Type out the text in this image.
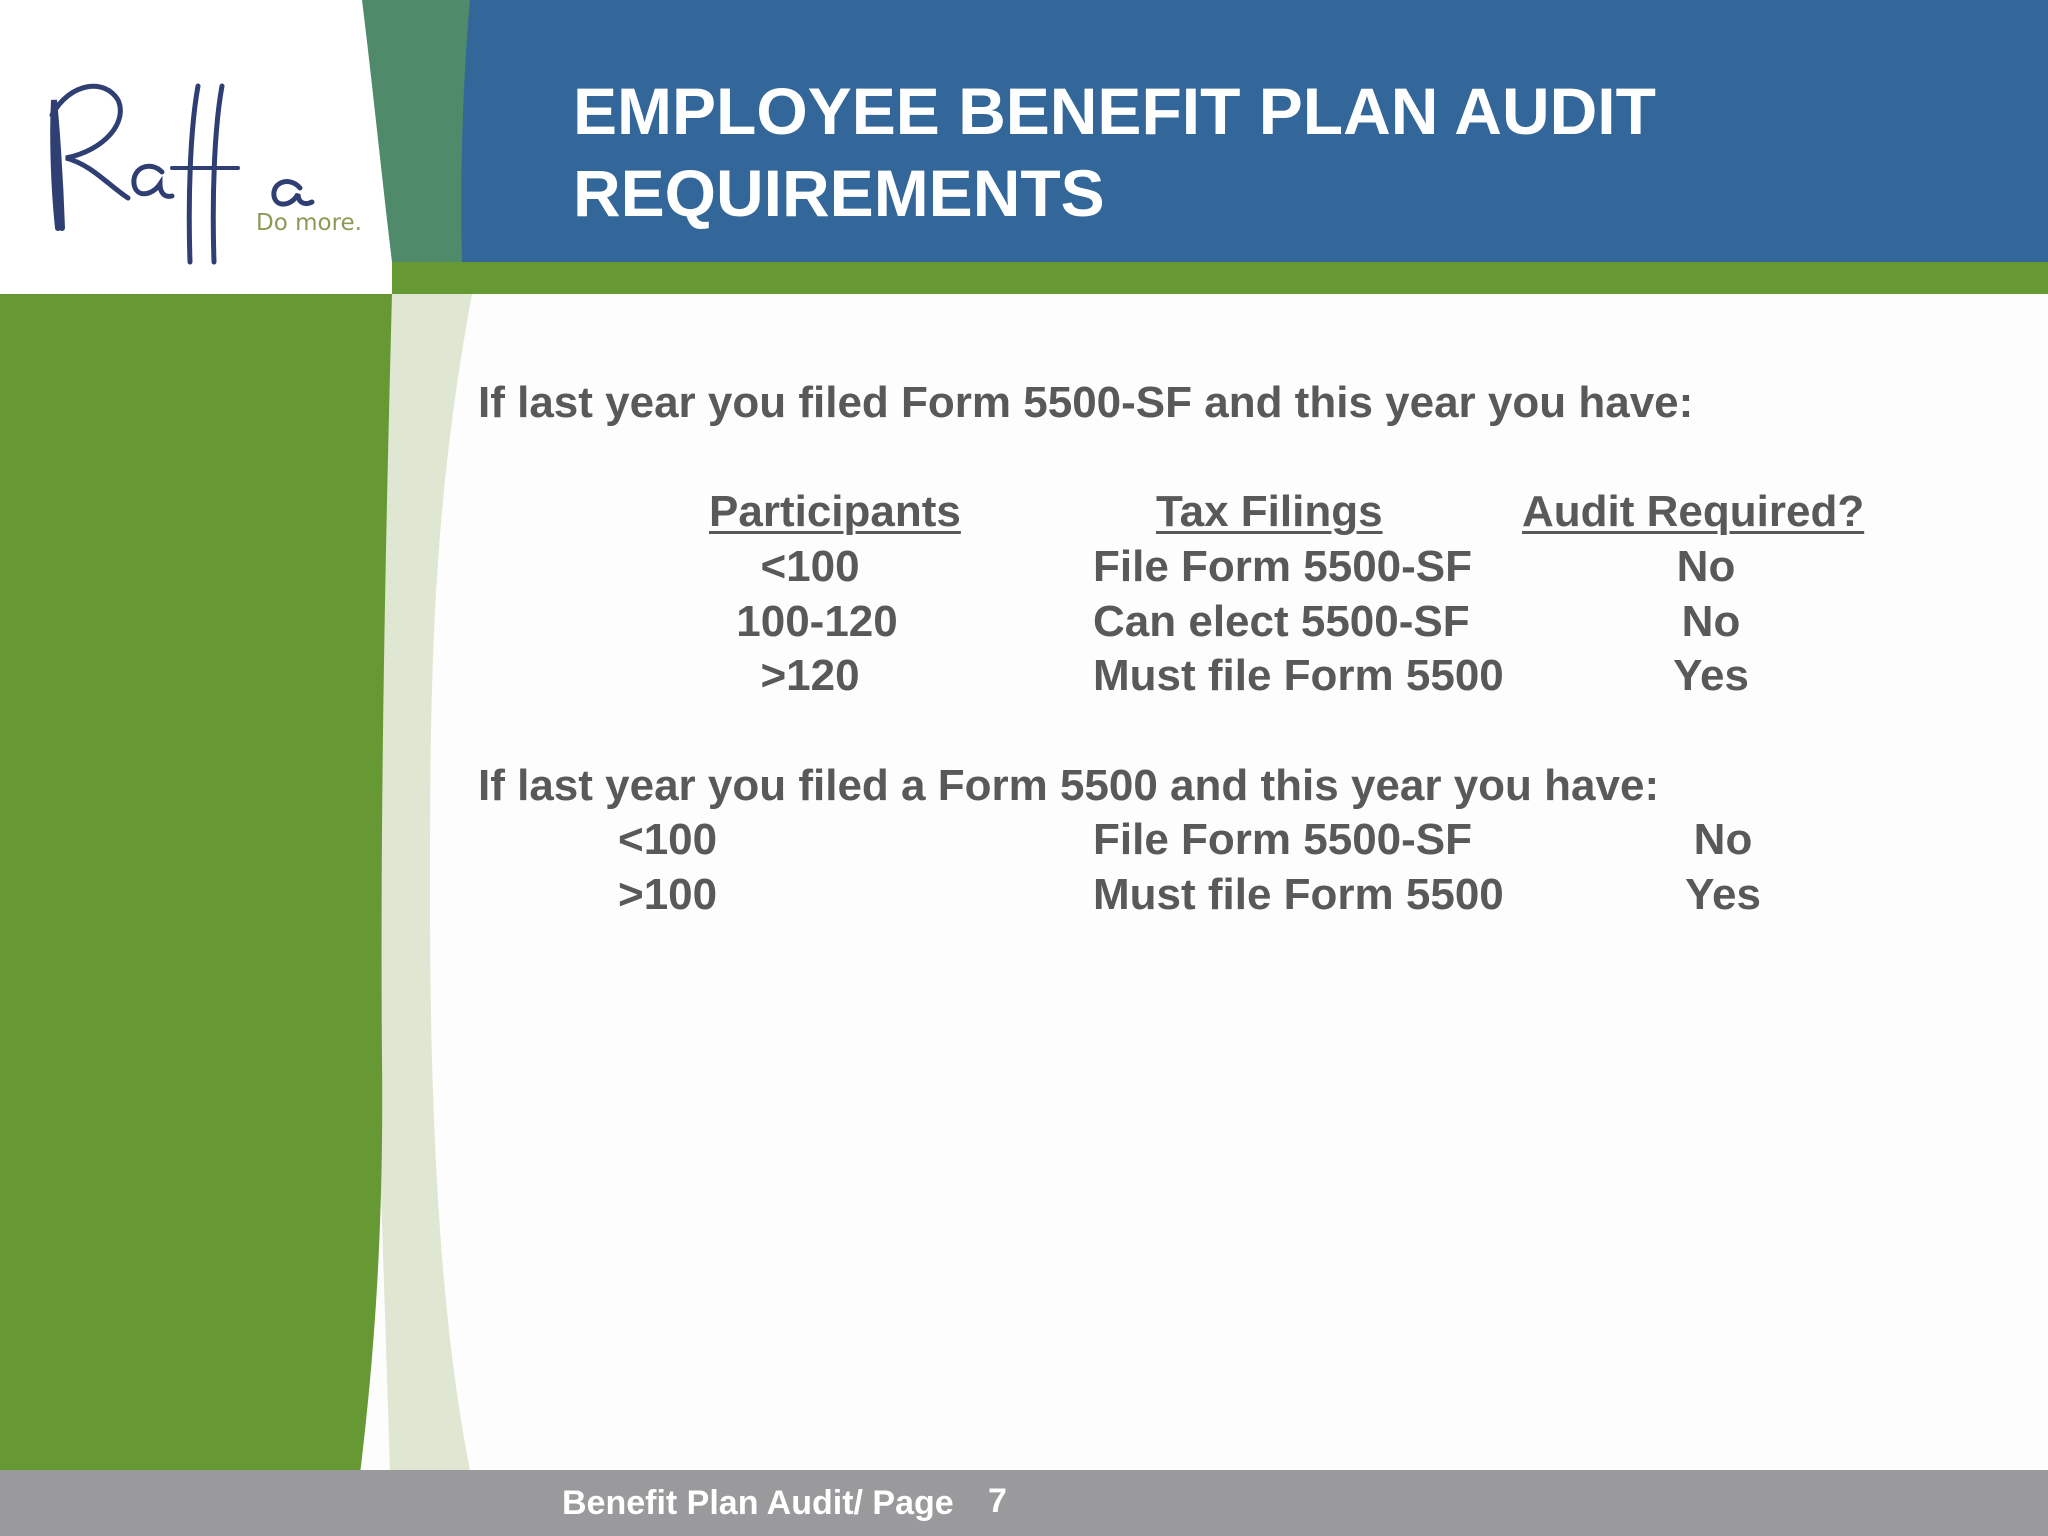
Do more.
EMPLOYEE BENEFIT PLAN AUDIT
REQUIREMENTS
If last year you filed Form 5500-SF and this year you have:
Participants	Tax Filings	Audit Required?
<100	File Form 5500-SF	No
100-120	Can elect 5500-SF	No
>120	Must file Form 5500	Yes
If last year you filed a Form 5500 and this year you have:
<100	File Form 5500-SF	No
>100	Must file Form 5500	Yes
Benefit Plan Audit/ Page 7
